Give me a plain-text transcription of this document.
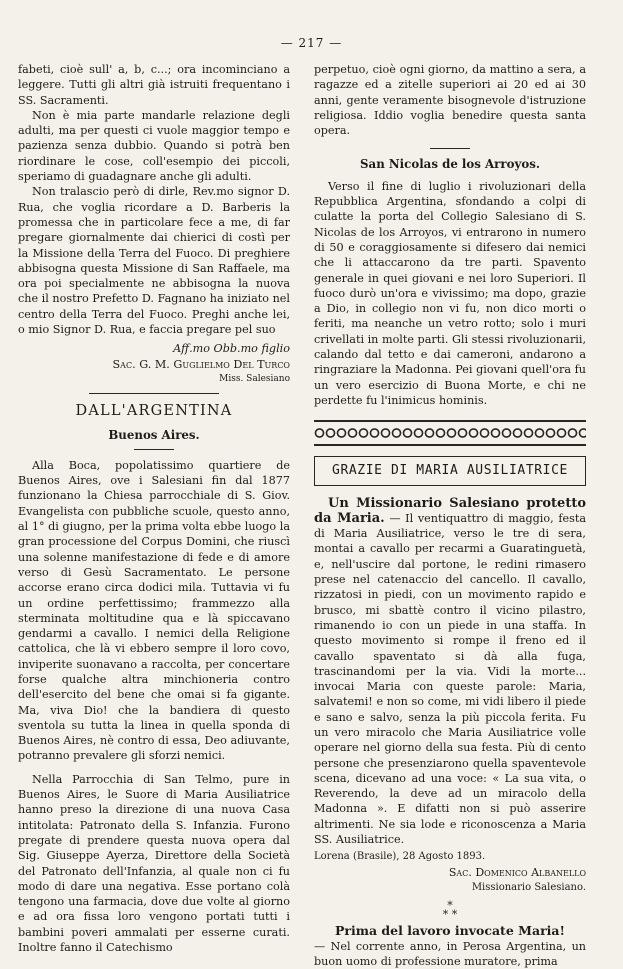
— 217 —

fabeti, cioè sull' a, b, c...; ora incominciano a leggere. Tutti gli altri già istruiti frequentano i SS. Sacramenti.

Non è mia parte mandarle relazione degli adulti, ma per questi ci vuole maggior tempo e pazienza senza dubbio. Quando si potrà ben riordinare le cose, coll'esempio dei piccoli, speriamo di guadagnare anche gli adulti.

Non tralascio però di dirle, Rev.mo signor D. Rua, che voglia ricordare a D. Barberis la promessa che in particolare fece a me, di far pregare giornalmente dai chierici di costì per la Missione della Terra del Fuoco. Di preghiere abbisogna questa Missione di San Raffaele, ma ora poi specialmente ne abbisogna la nuova che il nostro Prefetto D. Fagnano ha iniziato nel centro della Terra del Fuoco. Preghi anche lei, o mio Signor D. Rua, e faccia pregare pel suo

Aff.mo Obb.mo figlio

Sac. G. M. Guglielmo Del Turco

Miss. Salesiano

DALL'ARGENTINA
Buenos Aires.

Alla Boca, popolatissimo quartiere de Buenos Aires, ove i Salesiani fin dal 1877 funzionano la Chiesa parrocchiale di S. Giov. Evangelista con pubbliche scuole, questo anno, al 1° di giugno, per la prima volta ebbe luogo la gran processione del Corpus Domini, che riuscì una solenne manifestazione di fede e di amore verso di Gesù Sacramentato. Le persone accorse erano circa dodici mila. Tuttavia vi fu un ordine perfettissimo; frammezzo alla sterminata moltitudine qua e là spiccavano gendarmi a cavallo. I nemici della Religione cattolica, che là vi ebbero sempre il loro covo, inviperite suonavano a raccolta, per concertare forse qualche altra minchioneria contro dell'esercito del bene che omai si fa gigante. Ma, viva Dio! che la bandiera di questo sventola su tutta la linea in quella sponda di Buenos Aires, nè contro di essa, Deo adiuvante, potranno prevalere gli sforzi nemici.

Nella Parrocchia di San Telmo, pure in Buenos Aires, le Suore di Maria Ausiliatrice hanno preso la direzione di una nuova Casa intitolata: Patronato della S. Infanzia. Furono pregate di prendere questa nuova opera dal Sig. Giuseppe Ayerza, Direttore della Società del Patronato dell'Infanzia, al quale non ci fu modo di dare una negativa. Esse portano colà tengono una farmacia, dove due volte al giorno e ad ora fissa loro vengono portati tutti i bambini poveri ammalati per esserne curati. Inoltre fanno il Catechismo

perpetuo, cioè ogni giorno, da mattino a sera, a ragazze ed a zitelle superiori ai 20 ed ai 30 anni, gente veramente bisognevole d'istruzione religiosa. Iddio voglia benedire questa santa opera.

San Nicolas de los Arroyos.

Verso il fine di luglio i rivoluzionari della Repubblica Argentina, sfondando a colpi di culatte la porta del Collegio Salesiano di S. Nicolas de los Arroyos, vi entrarono in numero di 50 e coraggiosamente si difesero dai nemici che li attaccarono da tre parti. Spavento generale in quei giovani e nei loro Superiori. Il fuoco durò un'ora e vivissimo; ma dopo, grazie a Dio, in collegio non vi fu, non dico morti o feriti, ma neanche un vetro rotto; solo i muri crivellati in molte parti. Gli stessi rivoluzionarii, calando dal tetto e dai cameroni, andarono a ringraziare la Madonna. Pei giovani quell'ora fu un vero esercizio di Buona Morte, e chi ne perdette fu l'inimicus hominis.

GRAZIE DI MARIA AUSILIATRICE

Un Missionario Salesiano protetto da Maria. — Il ventiquattro di maggio, festa di Maria Ausiliatrice, verso le tre di sera, montai a cavallo per recarmi a Guaratinguetà, e, nell'uscire dal portone, le redini rimasero prese nel catenaccio del cancello. Il cavallo, rizzatosi in piedi, con un movimento rapido e brusco, mi sbattè contro il vicino pilastro, rimanendo io con un piede in una staffa. In questo movimento si rompe il freno ed il cavallo spaventato si dà alla fuga, trascinandomi per la via. Vidi la morte... invocai Maria con queste parole: Maria, salvatemi! e non so come, mi vidi libero il piede e sano e salvo, senza la più piccola ferita. Fu un vero miracolo che Maria Ausiliatrice volle operare nel giorno della sua festa. Più di cento persone che presenziarono quella spaventevole scena, dicevano ad una voce: « La sua vita, o Reverendo, la deve ad un miracolo della Madonna ». E difatti non si può asserire altrimenti. Ne sia lode e riconoscenza a Maria SS. Ausiliatrice.

Lorena (Brasile), 28 Agosto 1893.

Sac. Domenico Albanello

Missionario Salesiano.

*
* *

Prima del lavoro invocate Maria!

— Nel corrente anno, in Perosa Argentina, un buon uomo di professione muratore, prima
